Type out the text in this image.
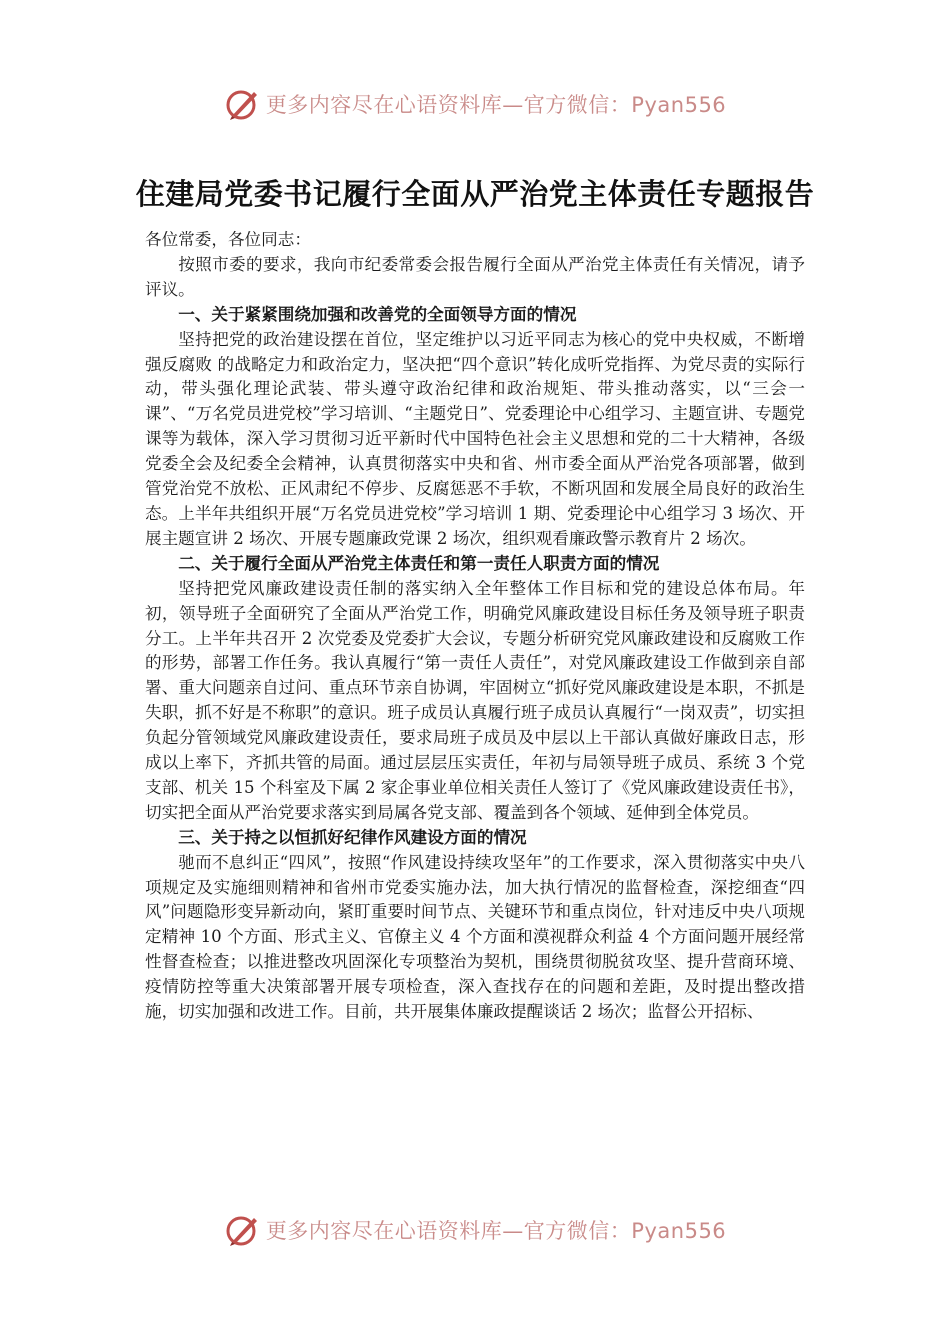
更多内容尽在心语资料库—官方微信：Pyan556
住建局党委书记履行全面从严治党主体责任专题报告

各位常委，各位同志：

按照市委的要求，我向市纪委常委会报告履行全面从严治党主体责任有关情况，请予评议。

一、关于紧紧围绕加强和改善党的全面领导方面的情况

坚持把党的政治建设摆在首位，坚定维护以习近平同志为核心的党中央权威，不断增强反腐败 的战略定力和政治定力，坚决把“四个意识”转化成听党指挥、为党尽责的实际行动，带头强化理论武装、带头遵守政治纪律和政治规矩、带头推动落实，以“三会一课”、“万名党员进党校”学习培训、“主题党日”、党委理论中心组学习、主题宣讲、专题党课等为载体，深入学习贯彻习近平新时代中国特色社会主义思想和党的二十大精神，各级党委全会及纪委全会精神，认真贯彻落实中央和省、州市委全面从严治党各项部署，做到管党治党不放松、正风肃纪不停步、反腐惩恶不手软，不断巩固和发展全局良好的政治生态。上半年共组织开展“万名党员进党校”学习培训 1 期、党委理论中心组学习 3 场次、开展主题宣讲 2 场次、开展专题廉政党课 2 场次，组织观看廉政警示教育片 2 场次。

二、关于履行全面从严治党主体责任和第一责任人职责方面的情况

坚持把党风廉政建设责任制的落实纳入全年整体工作目标和党的建设总体布局。年初，领导班子全面研究了全面从严治党工作，明确党风廉政建设目标任务及领导班子职责分工。上半年共召开 2 次党委及党委扩大会议，专题分析研究党风廉政建设和反腐败工作的形势，部署工作任务。我认真履行“第一责任人责任”，对党风廉政建设工作做到亲自部署、重大问题亲自过问、重点环节亲自协调，牢固树立“抓好党风廉政建设是本职，不抓是失职，抓不好是不称职”的意识。班子成员认真履行班子成员认真履行“一岗双责”，切实担负起分管领域党风廉政建设责任，要求局班子成员及中层以上干部认真做好廉政日志，形成以上率下，齐抓共管的局面。通过层层压实责任，年初与局领导班子成员、系统 3 个党支部、机关 15 个科室及下属 2 家企事业单位相关责任人签订了《党风廉政建设责任书》，切实把全面从严治党要求落实到局属各党支部、覆盖到各个领域、延伸到全体党员。

三、关于持之以恒抓好纪律作风建设方面的情况

驰而不息纠正“四风”，按照“作风建设持续攻坚年”的工作要求，深入贯彻落实中央八项规定及实施细则精神和省州市党委实施办法，加大执行情况的监督检查，深挖细查“四风”问题隐形变异新动向，紧盯重要时间节点、关键环节和重点岗位，针对违反中央八项规定精神 10 个方面、形式主义、官僚主义 4 个方面和漠视群众利益 4 个方面问题开展经常性督查检查；以推进整改巩固深化专项整治为契机，围绕贯彻脱贫攻坚、提升营商环境、疫情防控等重大决策部署开展专项检查，深入查找存在的问题和差距，及时提出整改措施，切实加强和改进工作。目前，共开展集体廉政提醒谈话 2 场次；监督公开招标、

更多内容尽在心语资料库—官方微信：Pyan556
